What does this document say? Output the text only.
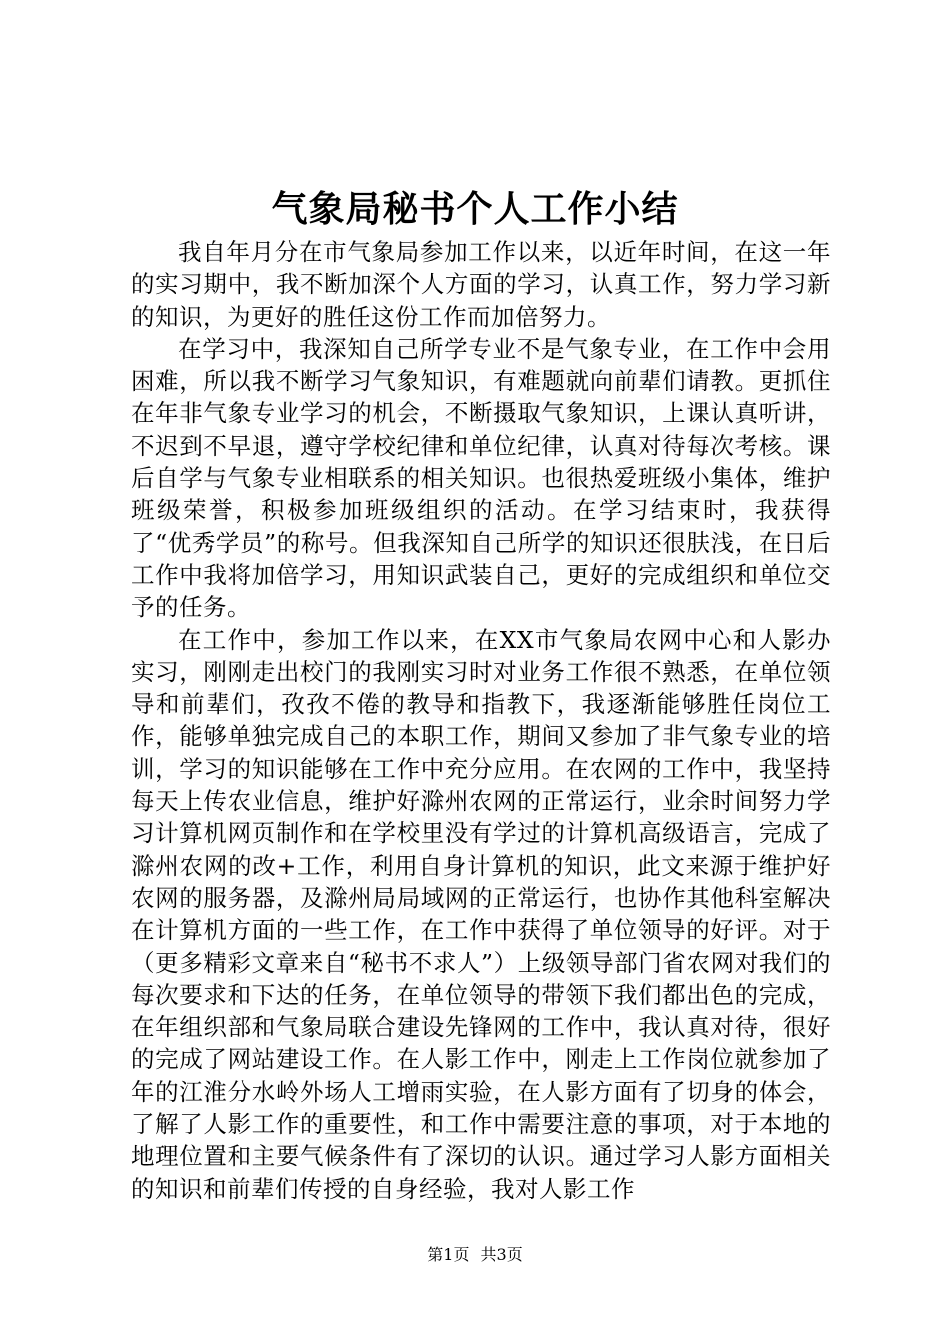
气象局秘书个人工作小结

我自年月分在市气象局参加工作以来，以近年时间，在这一年的实习期中，我不断加深个人方面的学习，认真工作，努力学习新的知识，为更好的胜任这份工作而加倍努力。

在学习中，我深知自己所学专业不是气象专业，在工作中会用困难，所以我不断学习气象知识，有难题就向前辈们请教。更抓住在年非气象专业学习的机会，不断摄取气象知识，上课认真听讲，不迟到不早退，遵守学校纪律和单位纪律，认真对待每次考核。课后自学与气象专业相联系的相关知识。也很热爱班级小集体，维护班级荣誉，积极参加班级组织的活动。在学习结束时，我获得了“优秀学员”的称号。但我深知自己所学的知识还很肤浅，在日后工作中我将加倍学习，用知识武装自己，更好的完成组织和单位交予的任务。

在工作中，参加工作以来，在XX市气象局农网中心和人影办实习，刚刚走出校门的我刚实习时对业务工作很不熟悉，在单位领导和前辈们，孜孜不倦的教导和指教下，我逐渐能够胜任岗位工作，能够单独完成自己的本职工作，期间又参加了非气象专业的培训，学习的知识能够在工作中充分应用。在农网的工作中，我坚持每天上传农业信息，维护好滁州农网的正常运行，业余时间努力学习计算机网页制作和在学校里没有学过的计算机高级语言，完成了滁州农网的改+工作，利用自身计算机的知识，此文来源于维护好农网的服务器，及滁州局局域网的正常运行，也协作其他科室解决在计算机方面的一些工作，在工作中获得了单位领导的好评。对于（更多精彩文章来自“秘书不求人”）上级领导部门省农网对我们的每次要求和下达的任务，在单位领导的带领下我们都出色的完成，在年组织部和气象局联合建设先锋网的工作中，我认真对待，很好的完成了网站建设工作。在人影工作中，刚走上工作岗位就参加了年的江淮分水岭外场人工增雨实验，在人影方面有了切身的体会，了解了人影工作的重要性，和工作中需要注意的事项，对于本地的地理位置和主要气候条件有了深切的认识。通过学习人影方面相关的知识和前辈们传授的自身经验，我对人影工作

第1页 共3页
